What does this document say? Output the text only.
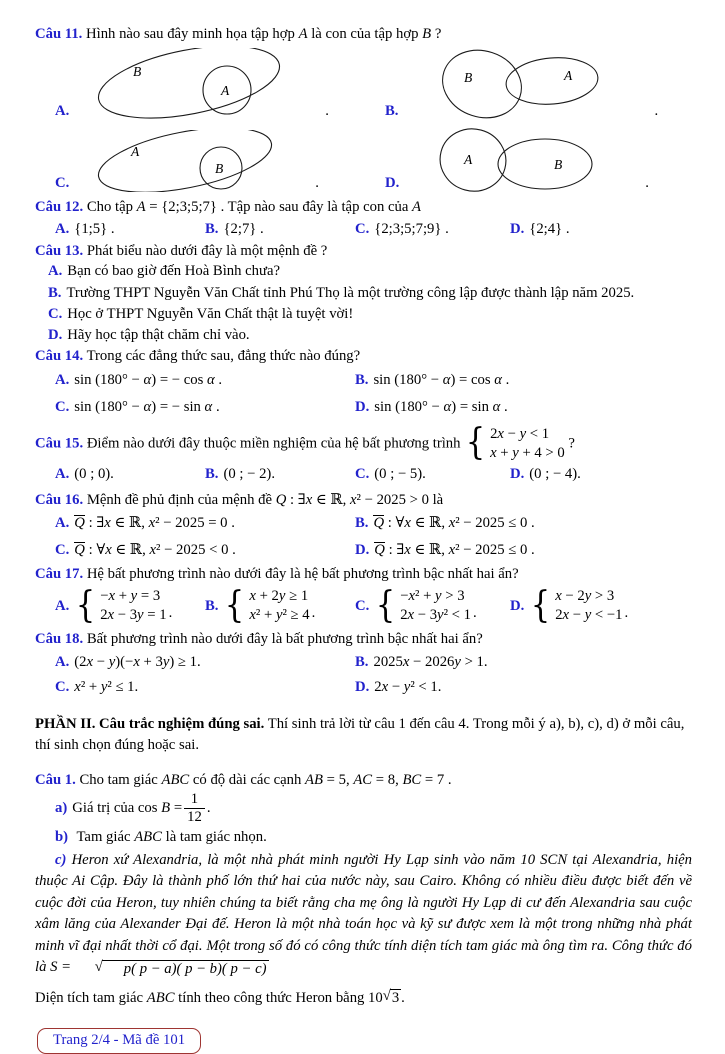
Câu 11. Hình nào sau đây minh họa tập hợp A là con của tập hợp B ?

A.
B
A
.	B.
B	A
.
C.
A
B
.	D.
A	B
.

Câu 12. Cho tập A = {2;3;5;7} . Tập nào sau đây là tập con của A

A. {1;5} .	B. {2;7} .	C. {2;3;5;7;9} .	D. {2;4} .

Câu 13. Phát biểu nào dưới đây là một mệnh đề ?

A. Bạn có bao giờ đến Hoà Bình chưa?
B. Trường THPT Nguyễn Văn Chất tỉnh Phú Thọ là một trường công lập được thành lập năm 2025.
C. Học ở THPT Nguyễn Văn Chất thật là tuyệt vời!
D. Hãy học tập thật chăm chỉ vào.

Câu 14. Trong các đẳng thức sau, đẳng thức nào đúng?

A. sin (180° − α) = − cos α .	B. sin (180° − α) = cos α .
C. sin (180° − α) = − sin α .	D. sin (180° − α) = sin α .

Câu 15. Điểm nào dưới đây thuộc miền nghiệm của hệ bất phương trình { 2x − y < 1
x + y + 4 > 0
?

A. (0 ; 0).	B. (0 ; − 2).	C. (0 ; − 5).	D. (0 ; − 4).

Câu 16. Mệnh đề phủ định của mệnh đề Q : ∃x ∈ ℝ, x² − 2025 > 0 là

A. Q : ∃x ∈ ℝ, x² − 2025 = 0 .	B. Q : ∀x ∈ ℝ, x² − 2025 ≤ 0 .
C. Q : ∀x ∈ ℝ, x² − 2025 < 0 .	D. Q : ∃x ∈ ℝ, x² − 2025 ≤ 0 .

Câu 17. Hệ bất phương trình nào dưới đây là hệ bất phương trình bậc nhất hai ẩn?

A. { −x + y = 3
2x − 3y = 1 . B. { x + 2y ≥ 1
x² + y² ≥ 4 .	C. { −x² + y > 3
2x − 3y² < 1 . D. { x − 2y > 3
2x − y < −1 .

Câu 18. Bất phương trình nào dưới đây là bất phương trình bậc nhất hai ẩn?

A. (2x − y)(−x + 3y) ≥ 1.	B. 2025x − 2026y > 1.
C. x² + y² ≤ 1.	D. 2x − y² < 1.

PHẦN II. Câu trắc nghiệm đúng sai. Thí sinh trả lời từ câu 1 đến câu 4. Trong mỗi ý a), b), c), d) ở mỗi câu, thí sinh chọn đúng hoặc sai.

Câu 1. Cho tam giác ABC có độ dài các cạnh AB = 5, AC = 8, BC = 7 .

a) Giá trị của $\cos B = \frac{1}{12}$ .
b) Tam giác ABC là tam giác nhọn.

c) Heron xứ Alexandria, là một nhà phát minh người Hy Lạp sinh vào năm 10 SCN tại Alexandria, hiện thuộc Ai Cập. Đây là thành phố lớn thứ hai của nước này, sau Cairo. Không có nhiều điều được biết đến về cuộc đời của Heron, tuy nhiên chúng ta biết rằng cha mẹ ông là người Hy Lạp di cư đến Alexandria sau cuộc xâm lăng của Alexander Đại đế. Heron là một nhà toán học và kỹ sư được xem là một trong những nhà phát minh vĩ đại nhất thời cổ đại. Một trong số đó có công thức tính diện tích tam giác mà ông tìm ra. Công thức đó là S =	√	p( p − a)( p − b)( p − c)

Diện tích tam giác ABC tính theo công thức Heron bằng 10 √ 3 .
Trang 2/4 - Mã đề 101
